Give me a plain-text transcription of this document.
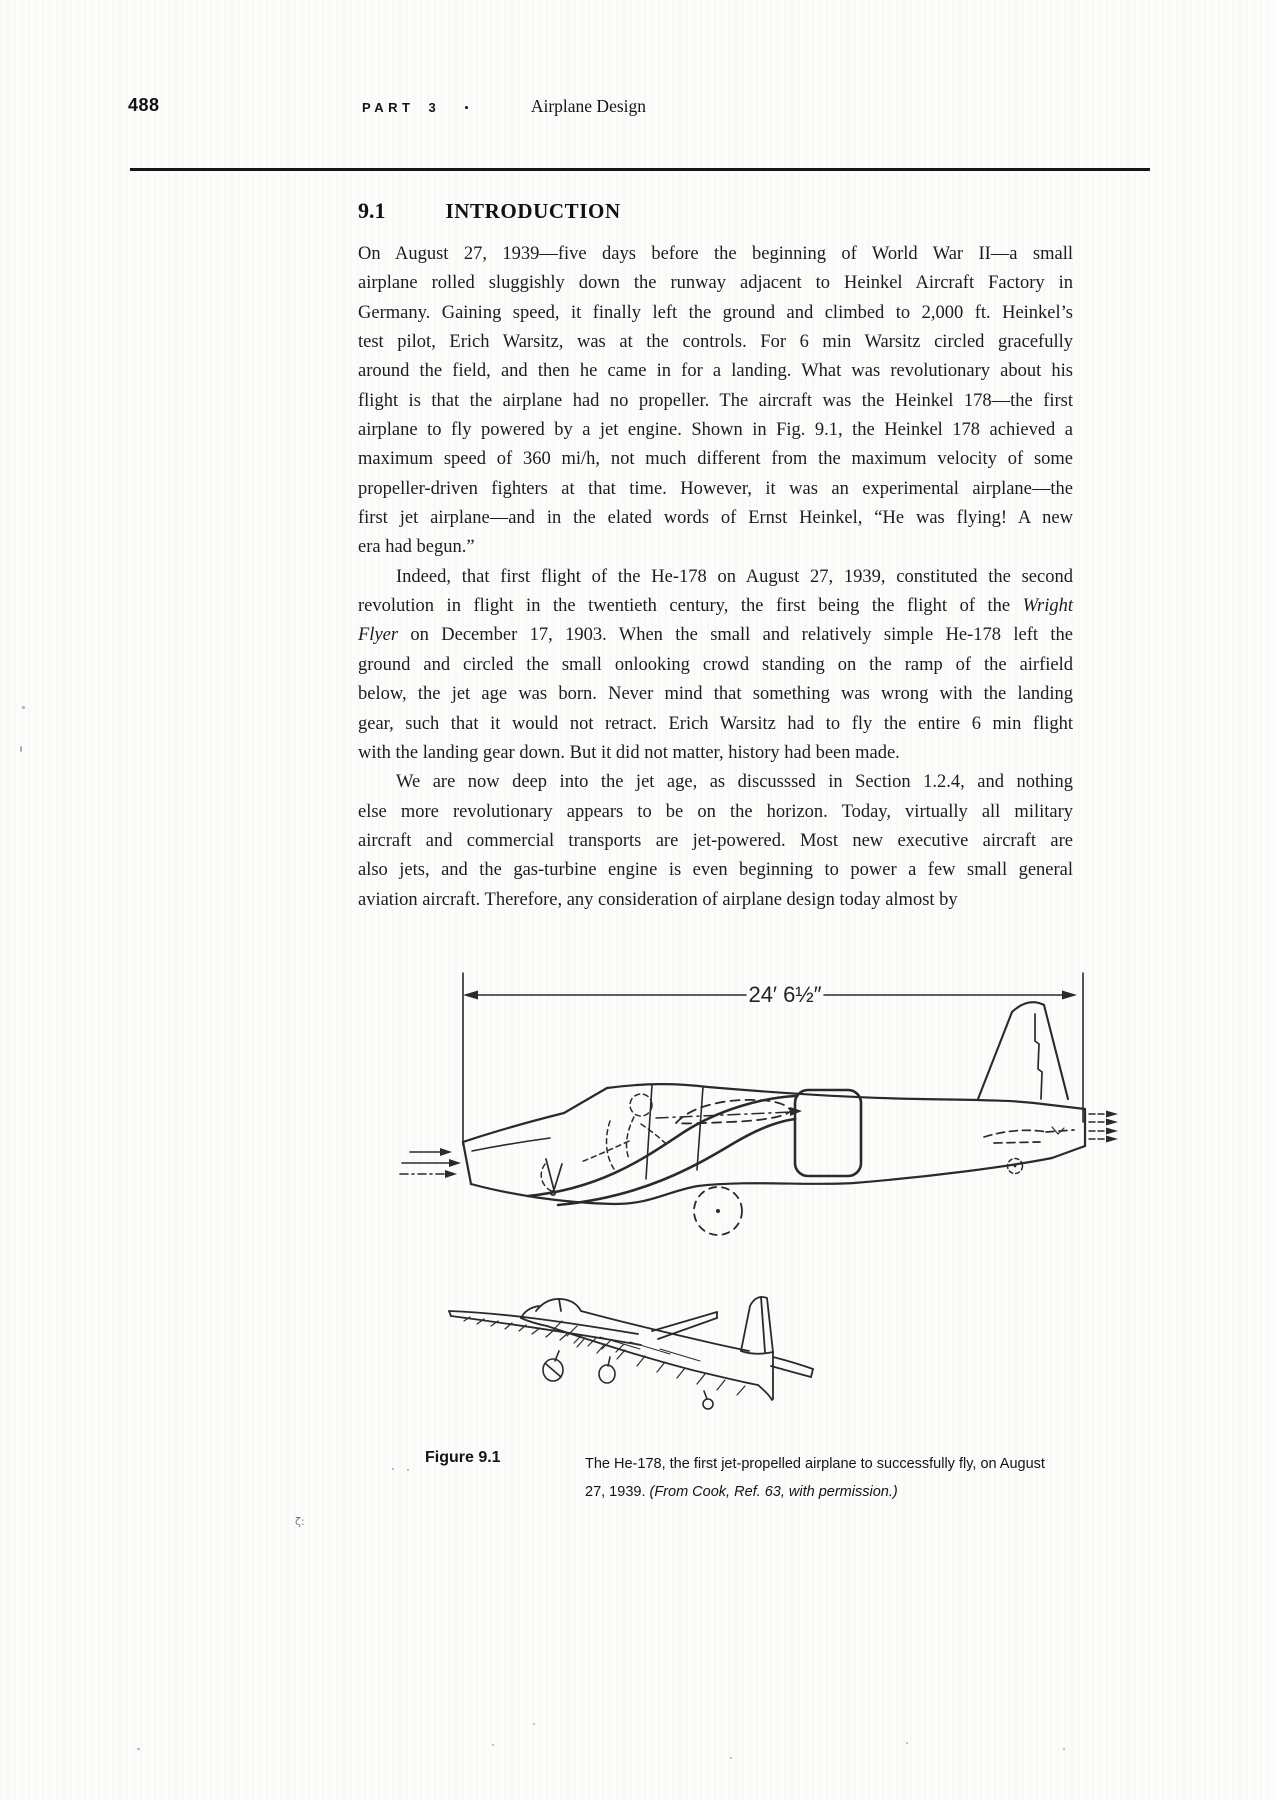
488	PART 3 •	Airplane Design
9.1	INTRODUCTION
On August 27, 1939—five days before the beginning of World War II—a small
airplane rolled sluggishly down the runway adjacent to Heinkel Aircraft Factory in
Germany. Gaining speed, it finally left the ground and climbed to 2,000 ft. Heinkel’s
test pilot, Erich Warsitz, was at the controls. For 6 min Warsitz circled gracefully
around the field, and then he came in for a landing. What was revolutionary about his
flight is that the airplane had no propeller. The aircraft was the Heinkel 178—the first
airplane to fly powered by a jet engine. Shown in Fig. 9.1, the Heinkel 178 achieved a
maximum speed of 360 mi/h, not much different from the maximum velocity of some
propeller-driven fighters at that time. However, it was an experimental airplane—the
first jet airplane—and in the elated words of Ernst Heinkel, “He was flying! A new
era had begun.”
Indeed, that first flight of the He-178 on August 27, 1939, constituted the second
revolution in flight in the twentieth century, the first being the flight of the Wright
Flyer on December 17, 1903. When the small and relatively simple He-178 left the
ground and circled the small onlooking crowd standing on the ramp of the airfield
below, the jet age was born. Never mind that something was wrong with the landing
gear, such that it would not retract. Erich Warsitz had to fly the entire 6 min flight
with the landing gear down. But it did not matter, history had been made.
We are now deep into the jet age, as discusssed in Section 1.2.4, and nothing
else more revolutionary appears to be on the horizon. Today, virtually all military
aircraft and commercial transports are jet-powered. Most new executive aircraft are
also jets, and the gas-turbine engine is even beginning to power a few small general
aviation aircraft. Therefore, any consideration of airplane design today almost by
24′ 6½″
Figure 9.1	The He-178, the first jet-propelled airplane to successfully fly, on August
27, 1939. (From Cook, Ref. 63, with permission.)
ζ:
